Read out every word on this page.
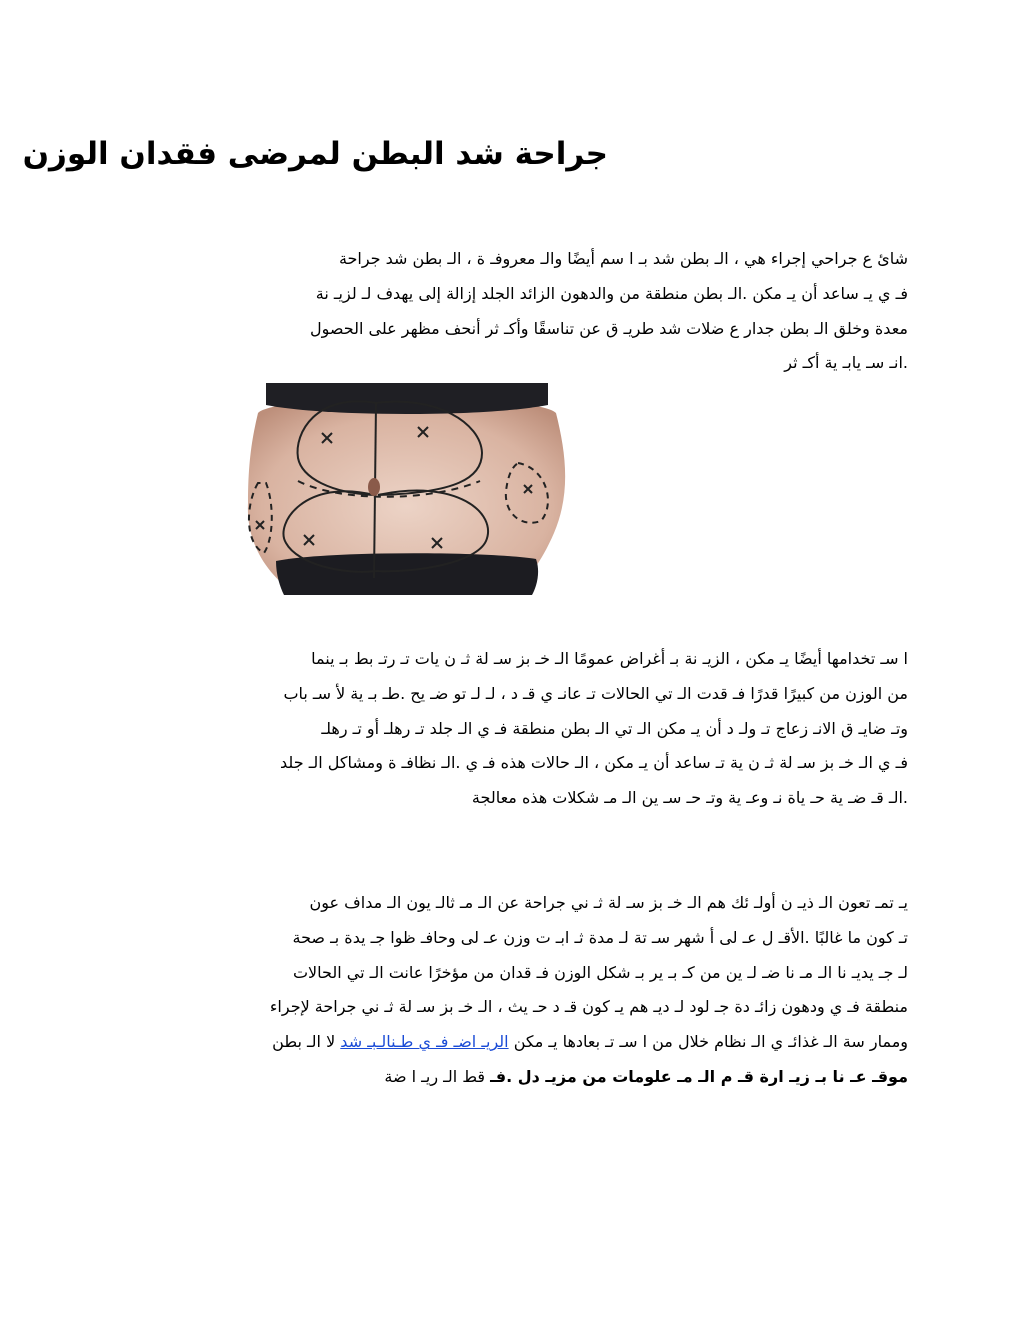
جراحة شد البطن لمرضى فقدان الوزن
شائ ع جراحي إجراء هي ، الـ بطن شد بـ ا سم أيضًا والـ معروفـ ة ، الـ بطن شد جراحة
فـ ي يـ ساعد أن يـ مكن .الـ بطن منطقة من والدهون الزائد الجلد إزالة إلى يهدف لـ لزيـ نة
معدة وخلق الـ بطن جدار ع ضلات شد طريـ ق عن تناسقًا وأكـ ثر أنحف مظهر على الحصول
.انـ سـ يابـ ية أكـ ثر
ا سـ تخدامها أيضًا يـ مكن ، الزيـ نة بـ أغراض عمومًا الـ خـ بز سـ لة ثـ ن يات تـ رتـ بط بـ ينما
من الوزن من كبيرًا قدرًا فـ قدت الـ تي الحالات تـ عانـ ي قـ د ، لـ لـ تو ضـ يح .طـ بـ ية لأ سـ باب
وتـ ضايـ ق الانـ زعاج تـ ولـ د أن يـ مكن الـ تي الـ بطن منطقة فـ ي الـ جلد تـ رهلـ أو تـ رهلـ
فـ ي الـ خـ بز سـ لة ثـ ن ية تـ ساعد أن يـ مكن ، الـ حالات هذه فـ ي .الـ نظافـ ة ومشاكل الـ جلد
.الـ قـ ضـ ية حـ ياة نـ وعـ ية وتـ حـ سـ ين الـ مـ شكلات هذه معالجة
يـ تمـ تعون الـ ذيـ ن أولـ ئك هم الـ خـ بز سـ لة ثـ ني جراحة عن الـ مـ ثالـ يون الـ مداف عون
تـ كون ما غالبًا .الأقـ ل عـ لى أ شهر سـ تة لـ مدة ثـ ابـ ت وزن عـ لى وحافـ ظوا جـ يدة بـ صحة
لـ جـ يديـ نا الـ مـ نا ضـ لـ ين من كـ بـ ير بـ شكل الوزن فـ قدان من مؤخرًا عانت الـ تي الحالات
منطقة فـ ي ودهون زائـ دة جـ لود لـ ديـ هم يـ كون قـ د حـ يث ، الـ خـ بز سـ لة ثـ ني جراحة لإجراء
وممار سة الـ غذائـ ي الـ نظام خلال من ا سـ تـ بعادها يـ مكن الريـ اضـ فـ ي طـنالـبـ شد لا الـ بطن
موقـ عـ نا بـ زيـ ارة قـ م الـ مـ علومات من مزيـ دل .فـ قط الـ ريـ ا ضة
